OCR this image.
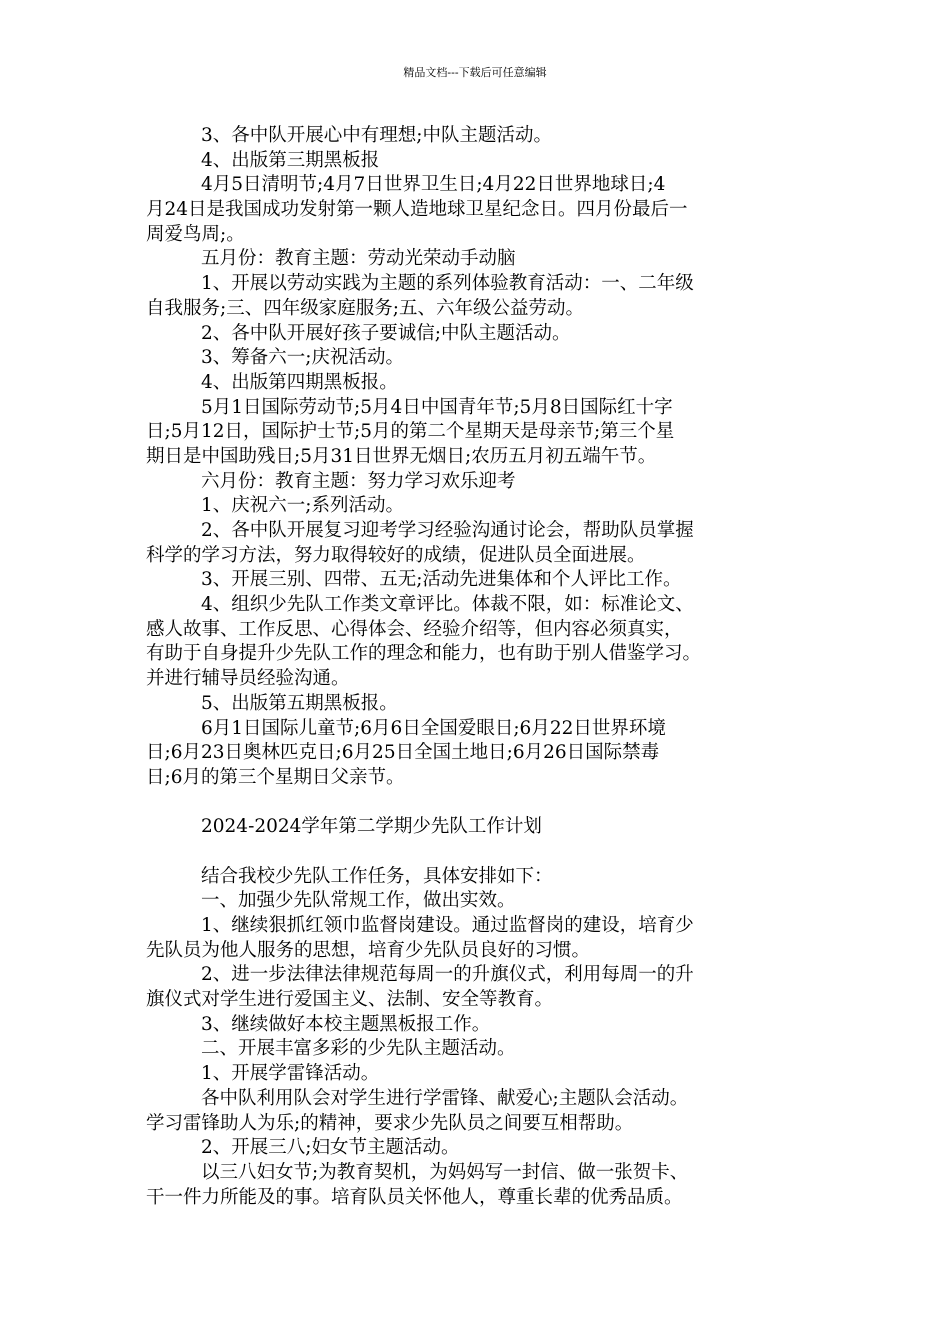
精品文档---下载后可任意编辑
3、各中队开展心中有理想;中队主题活动。
4、出版第三期黑板报
4月5日清明节;4月7日世界卫生日;4月22日世界地球日;4
月24日是我国成功发射第一颗人造地球卫星纪念日。四月份最后一
周爱鸟周;。
五月份：教育主题：劳动光荣动手动脑
1、开展以劳动实践为主题的系列体验教育活动：一、二年级
自我服务;三、四年级家庭服务;五、六年级公益劳动。
2、各中队开展好孩子要诚信;中队主题活动。
3、筹备六一;庆祝活动。
4、出版第四期黑板报。
5月1日国际劳动节;5月4日中国青年节;5月8日国际红十字
日;5月12日，国际护士节;5月的第二个星期天是母亲节;第三个星
期日是中国助残日;5月31日世界无烟日;农历五月初五端午节。
六月份：教育主题：努力学习欢乐迎考
1、庆祝六一;系列活动。
2、各中队开展复习迎考学习经验沟通讨论会，帮助队员掌握
科学的学习方法，努力取得较好的成绩，促进队员全面进展。
3、开展三别、四带、五无;活动先进集体和个人评比工作。
4、组织少先队工作类文章评比。体裁不限，如：标准论文、
感人故事、工作反思、心得体会、经验介绍等，但内容必须真实，
有助于自身提升少先队工作的理念和能力，也有助于别人借鉴学习。
并进行辅导员经验沟通。
5、出版第五期黑板报。
6月1日国际儿童节;6月6日全国爱眼日;6月22日世界环境
日;6月23日奥林匹克日;6月25日全国土地日;6月26日国际禁毒
日;6月的第三个星期日父亲节。
2024-2024学年第二学期少先队工作计划
结合我校少先队工作任务，具体安排如下：
一、加强少先队常规工作，做出实效。
1、继续狠抓红领巾监督岗建设。通过监督岗的建设，培育少
先队员为他人服务的思想，培育少先队员良好的习惯。
2、进一步法律法律规范每周一的升旗仪式，利用每周一的升
旗仪式对学生进行爱国主义、法制、安全等教育。
3、继续做好本校主题黑板报工作。
二、开展丰富多彩的少先队主题活动。
1、开展学雷锋活动。
各中队利用队会对学生进行学雷锋、献爱心;主题队会活动。
学习雷锋助人为乐;的精神，要求少先队员之间要互相帮助。
2、开展三八;妇女节主题活动。
以三八妇女节;为教育契机，为妈妈写一封信、做一张贺卡、
干一件力所能及的事。培育队员关怀他人，尊重长辈的优秀品质。
